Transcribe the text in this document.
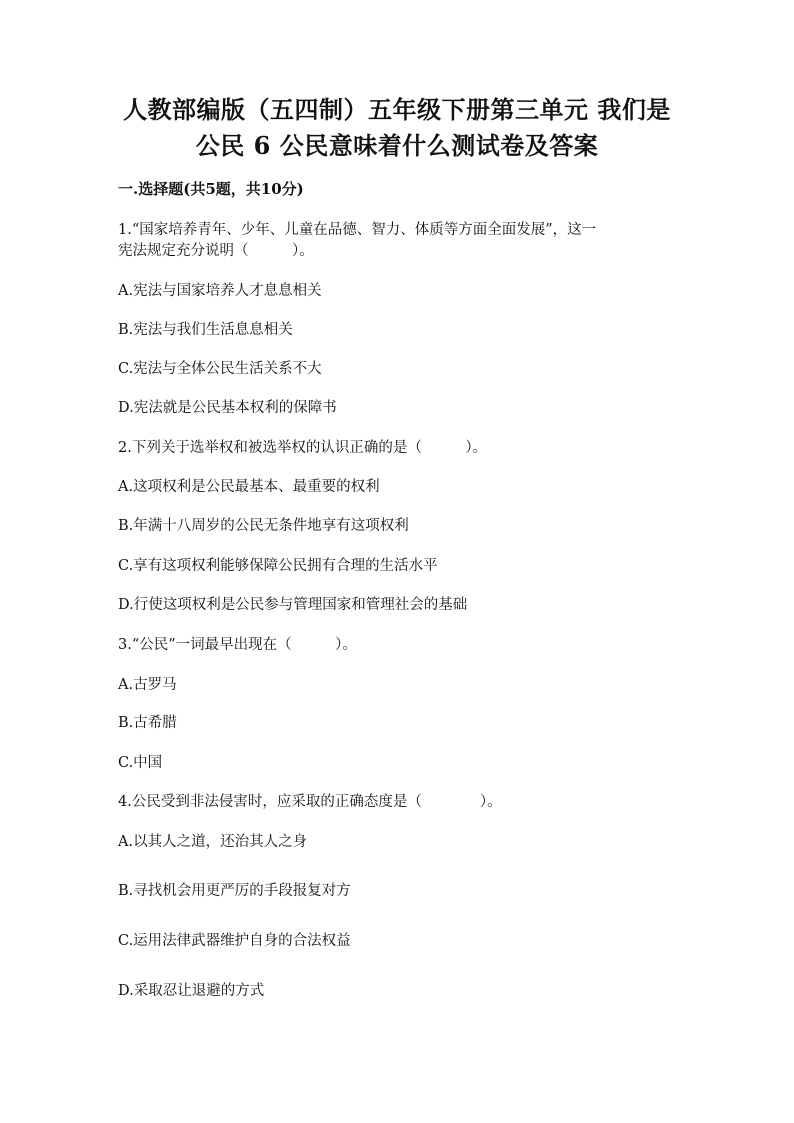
人教部编版（五四制）五年级下册第三单元 我们是
公民 6 公民意味着什么测试卷及答案
一.选择题(共5题，共10分)
1.“国家培养青年、少年、儿童在品德、智力、体质等方面全面发展”，这一
宪法规定充分说明（　　　）。
A.宪法与国家培养人才息息相关
B.宪法与我们生活息息相关
C.宪法与全体公民生活关系不大
D.宪法就是公民基本权利的保障书
2.下列关于选举权和被选举权的认识正确的是（　　　）。
A.这项权利是公民最基本、最重要的权利
B.年满十八周岁的公民无条件地享有这项权利
C.享有这项权利能够保障公民拥有合理的生活水平
D.行使这项权利是公民参与管理国家和管理社会的基础
3.“公民”一词最早出现在（　　　）。
A.古罗马
B.古希腊
C.中国
4.公民受到非法侵害时，应采取的正确态度是（　　　　）。
A.以其人之道，还治其人之身
B.寻找机会用更严厉的手段报复对方
C.运用法律武器维护自身的合法权益
D.采取忍让退避的方式
